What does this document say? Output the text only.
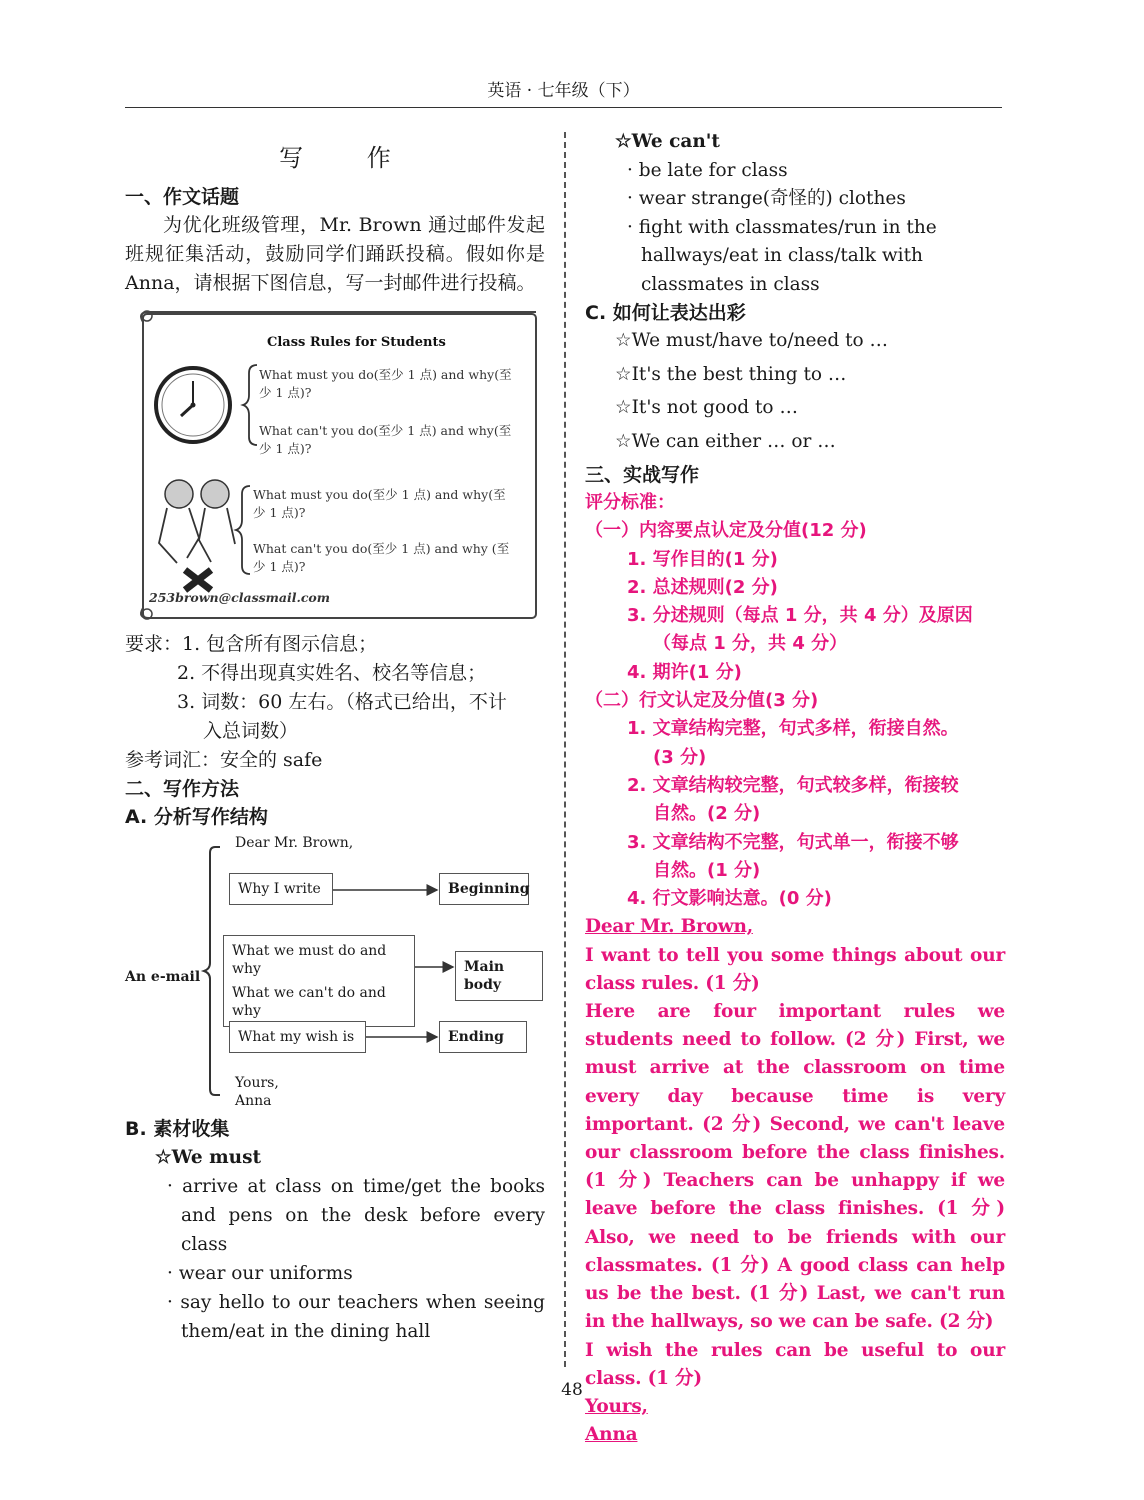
英语 · 七年级（下）
写 作
一、作文话题
为优化班级管理，Mr. Brown 通过邮件发起班规征集活动，鼓励同学们踊跃投稿。假如你是Anna，请根据下图信息，写一封邮件进行投稿。
Class Rules for Students
What must you do(至少 1 点) and why(至少 1 点)?
What can't you do(至少 1 点) and why(至少 1 点)?
What must you do(至少 1 点) and why(至少 1 点)?
What can't you do(至少 1 点) and why (至少 1 点)?
253brown@classmail.com
要求：1. 包含所有图示信息；
2. 不得出现真实姓名、校名等信息；
3. 词数：60 左右。（格式已给出，不计
入总词数）
参考词汇：安全的 safe
二、写作方法
A. 分析写作结构
Dear Mr. Brown,
An e-mail
Why I write	Beginning
What we must do and why
What we can't do and why
Main body
What my wish is	Ending
Yours,
Anna
B. 素材收集
☆We must
· arrive at class on time/get the books and pens on the desk before every class
· wear our uniforms
· say hello to our teachers when seeing them/eat in the dining hall
☆We can't
· be late for class
· wear strange(奇怪的) clothes
· fight with classmates/run in the hallways/eat in class/talk with classmates in class
C. 如何让表达出彩
☆We must/have to/need to …
☆It's the best thing to …
☆It's not good to …
☆We can either … or …
三、实战写作
评分标准：
（一）内容要点认定及分值(12 分)
1. 写作目的(1 分)
2. 总述规则(2 分)
3. 分述规则（每点 1 分，共 4 分）及原因
（每点 1 分，共 4 分）
4. 期许(1 分)
（二）行文认定及分值(3 分)
1. 文章结构完整，句式多样，衔接自然。
(3 分)
2. 文章结构较完整，句式较多样，衔接较
自然。(2 分)
3. 文章结构不完整，句式单一，衔接不够
自然。(1 分)
4. 行文影响达意。(0 分)
Dear Mr. Brown,
I want to tell you some things about our class rules. (1 分)
Here are four important rules we students need to follow. (2 分) First, we must arrive at the classroom on time every day because time is very important. (2 分) Second, we can't leave our classroom before the class finishes. (1 分) Teachers can be unhappy if we leave before the class finishes. (1 分) Also, we need to be friends with our classmates. (1 分) A good class can help us be the best. (1 分) Last, we can't run in the hallways, so we can be safe. (2 分)
I wish the rules can be useful to our class. (1 分)
Yours,
Anna
48
